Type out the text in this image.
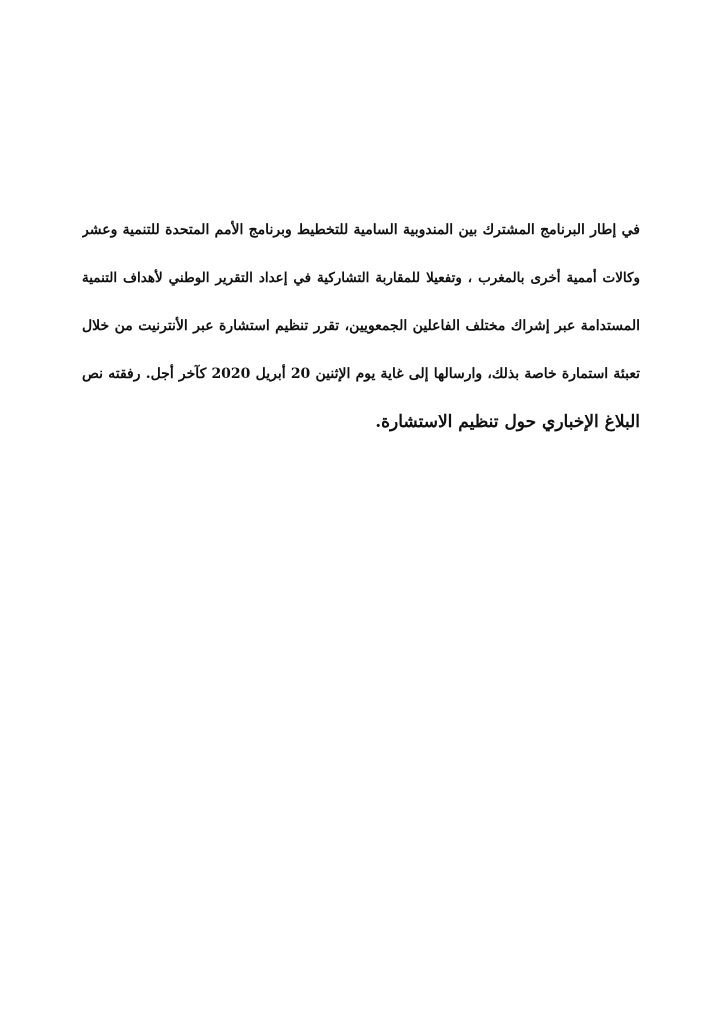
في إطار البرنامج المشترك بين المندوبية السامية للتخطيط وبرنامج الأمم المتحدة للتنمية وعشر
وكالات أممية أخرى بالمغرب ، وتفعيلا للمقاربة التشاركية في إعداد التقرير الوطني لأهداف التنمية
المستدامة عبر إشراك مختلف الفاعلين الجمعويين، تقرر تنظيم استشارة عبر الأنترنيت من خلال
تعبئة استمارة خاصة بذلك، وارسالها إلى غاية يوم الإثنين 20 أبريل 2020 كآخر أجل. رفقته نص
البلاغ الإخباري حول تنظيم الاستشارة.
